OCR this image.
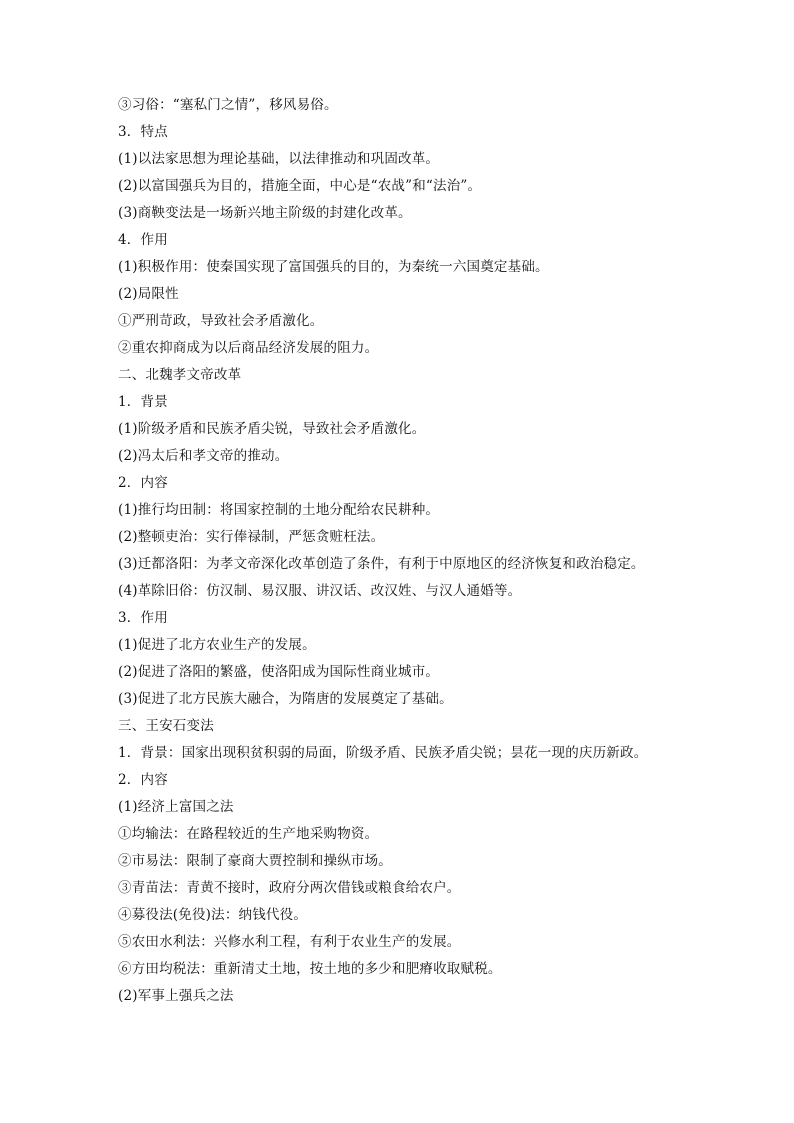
③习俗：“塞私门之情”，移风易俗。
3．特点
(1)以法家思想为理论基础，以法律推动和巩固改革。
(2)以富国强兵为目的，措施全面，中心是“农战”和“法治”。
(3)商鞅变法是一场新兴地主阶级的封建化改革。
4．作用
(1)积极作用：使秦国实现了富国强兵的目的，为秦统一六国奠定基础。
(2)局限性
①严刑苛政，导致社会矛盾激化。
②重农抑商成为以后商品经济发展的阻力。
二、北魏孝文帝改革
1．背景
(1)阶级矛盾和民族矛盾尖锐，导致社会矛盾激化。
(2)冯太后和孝文帝的推动。
2．内容
(1)推行均田制：将国家控制的土地分配给农民耕种。
(2)整顿吏治：实行俸禄制，严惩贪赃枉法。
(3)迁都洛阳：为孝文帝深化改革创造了条件，有利于中原地区的经济恢复和政治稳定。
(4)革除旧俗：仿汉制、易汉服、讲汉话、改汉姓、与汉人通婚等。
3．作用
(1)促进了北方农业生产的发展。
(2)促进了洛阳的繁盛，使洛阳成为国际性商业城市。
(3)促进了北方民族大融合，为隋唐的发展奠定了基础。
三、王安石变法
1．背景：国家出现积贫积弱的局面，阶级矛盾、民族矛盾尖锐；昙花一现的庆历新政。
2．内容
(1)经济上富国之法
①均输法：在路程较近的生产地采购物资。
②市易法：限制了豪商大贾控制和操纵市场。
③青苗法：青黄不接时，政府分两次借钱或粮食给农户。
④募役法(免役)法：纳钱代役。
⑤农田水利法：兴修水利工程，有利于农业生产的发展。
⑥方田均税法：重新清丈土地，按土地的多少和肥瘠收取赋税。
(2)军事上强兵之法
